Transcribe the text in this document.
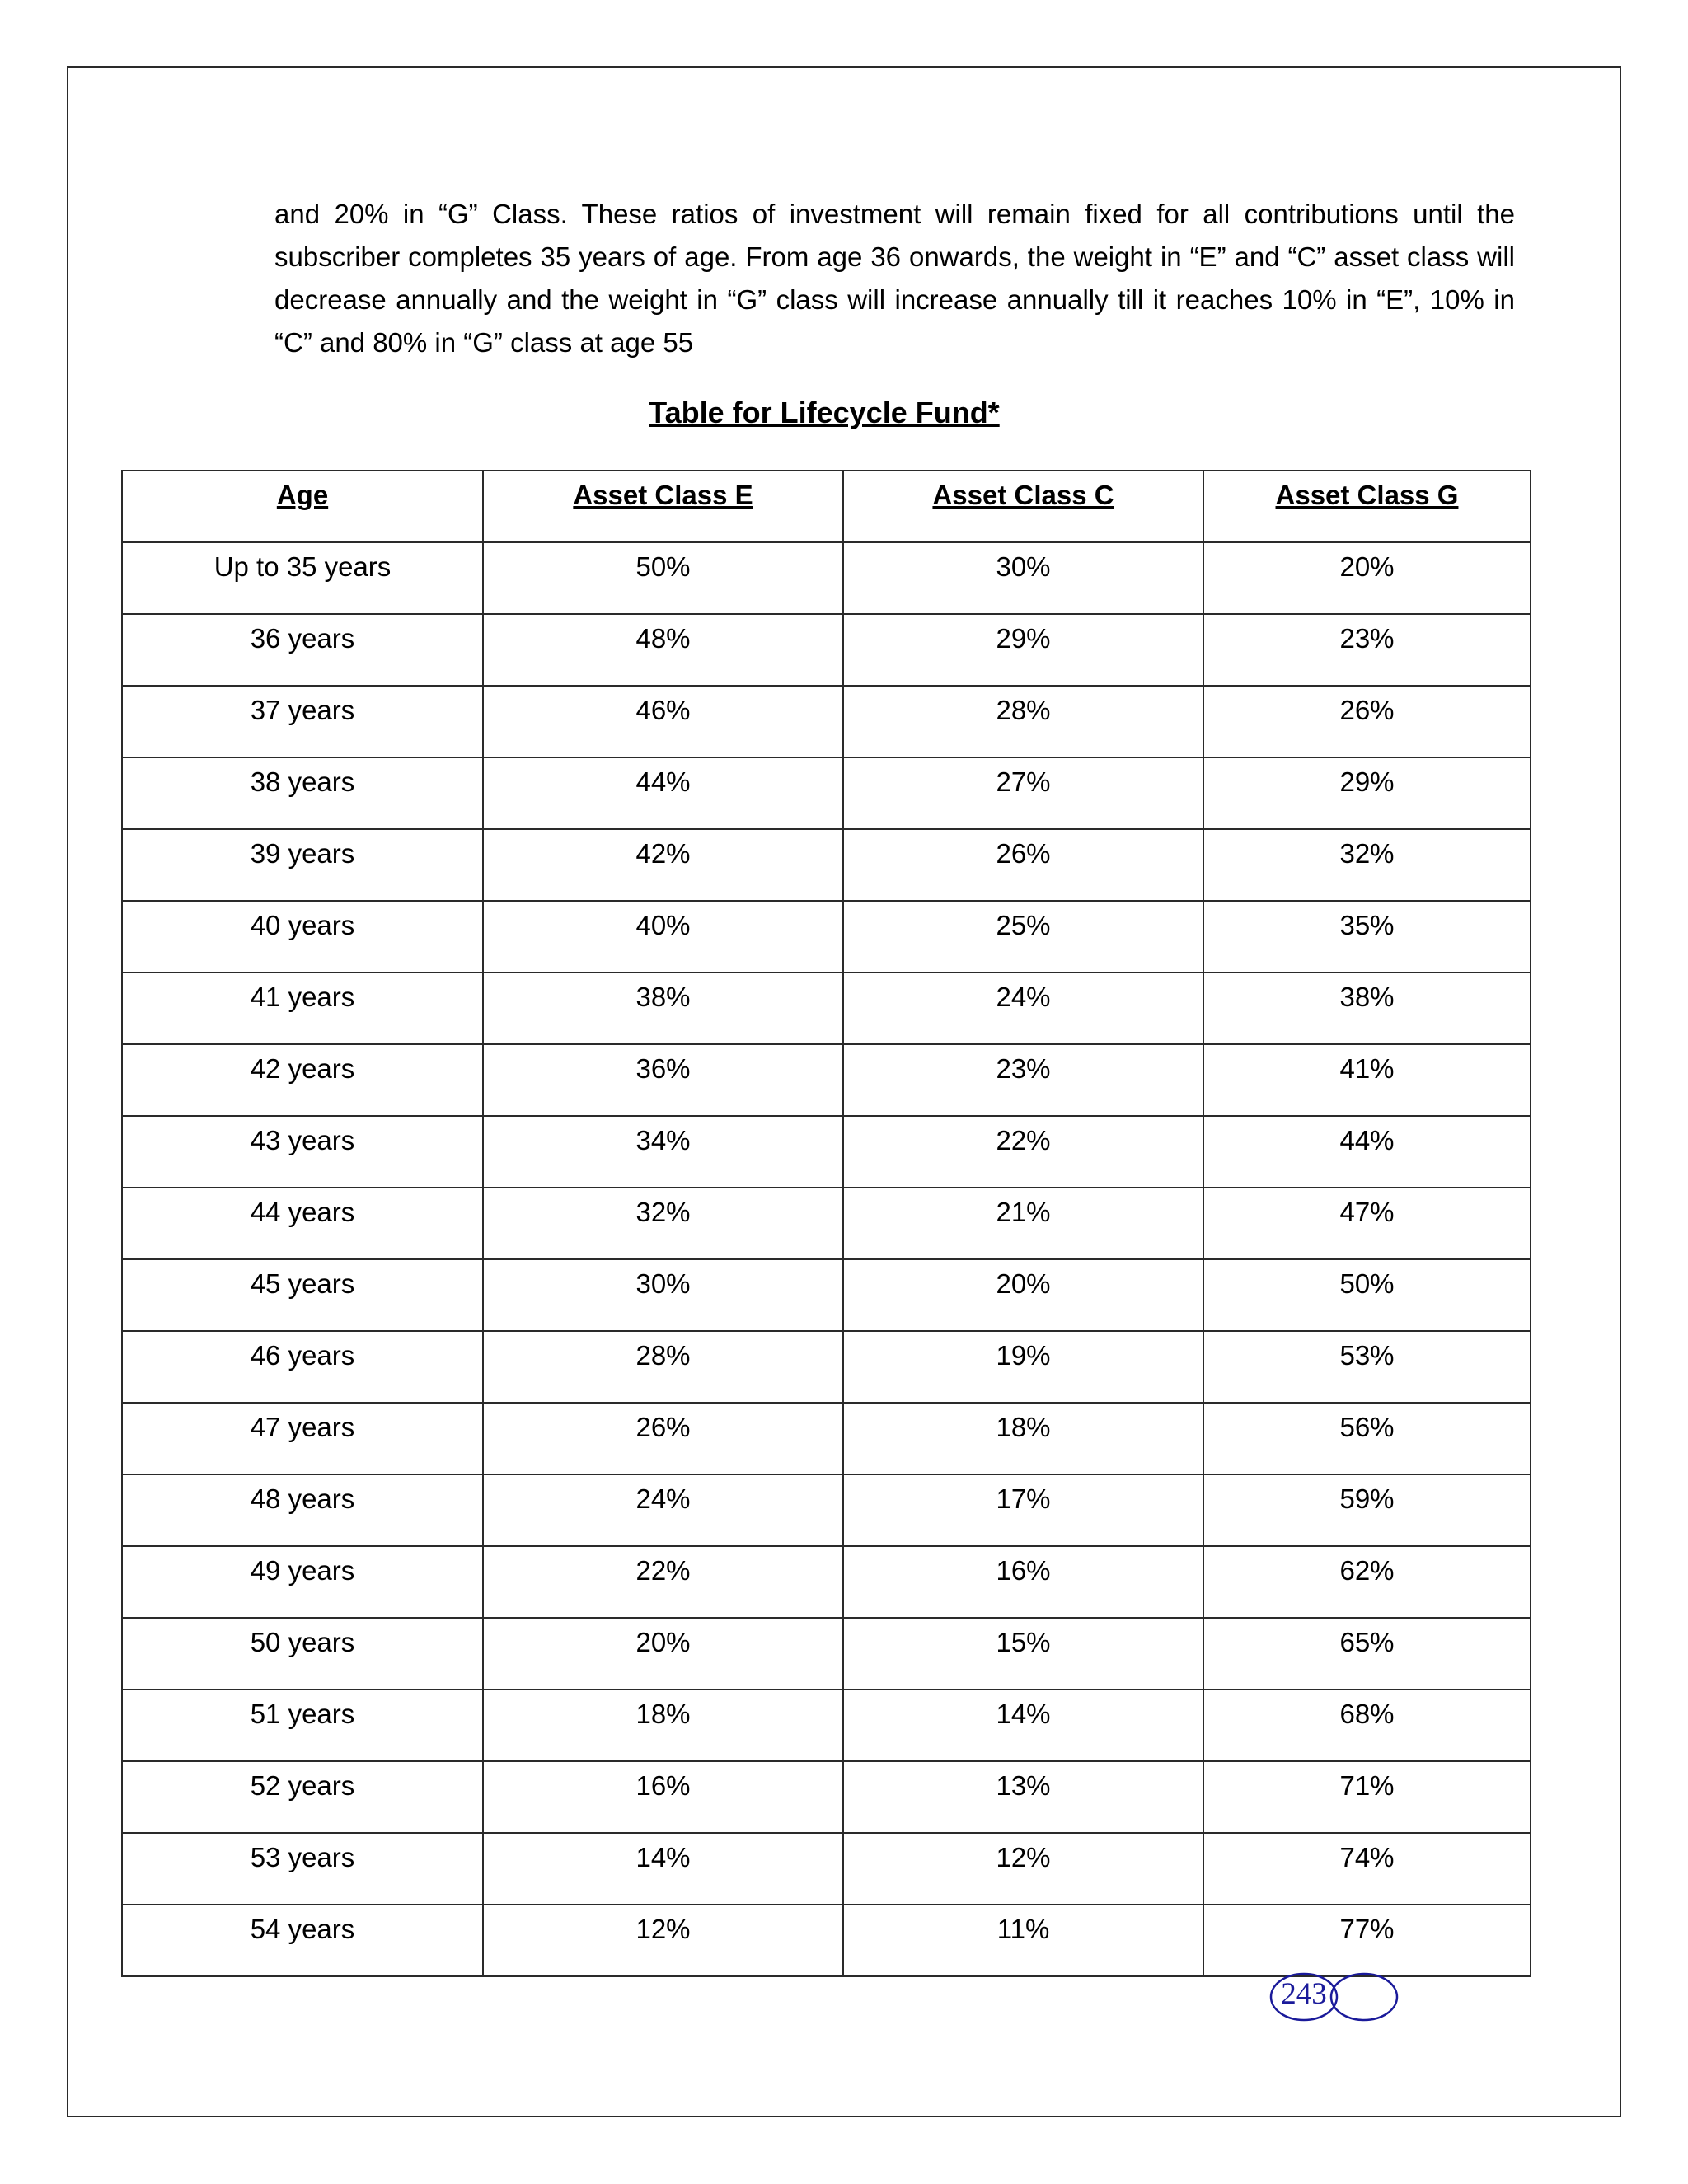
and 20% in “G” Class. These ratios of investment will remain fixed for all contributions until the subscriber completes 35 years of age. From age 36 onwards, the weight in “E” and “C” asset class will decrease annually and the weight in “G” class will increase annually till it reaches 10% in “E”, 10% in “C” and 80% in “G” class at age 55

Table for Lifecycle Fund*
Age	Asset Class E	Asset Class C	Asset Class G
Up to 35 years	50%	30%	20%
36 years	48%	29%	23%
37 years	46%	28%	26%
38 years	44%	27%	29%
39 years	42%	26%	32%
40 years	40%	25%	35%
41 years	38%	24%	38%
42 years	36%	23%	41%
43 years	34%	22%	44%
44 years	32%	21%	47%
45 years	30%	20%	50%
46 years	28%	19%	53%
47 years	26%	18%	56%
48 years	24%	17%	59%
49 years	22%	16%	62%
50 years	20%	15%	65%
51 years	18%	14%	68%
52 years	16%	13%	71%
53 years	14%	12%	74%
54 years	12%	11%	77%
243
